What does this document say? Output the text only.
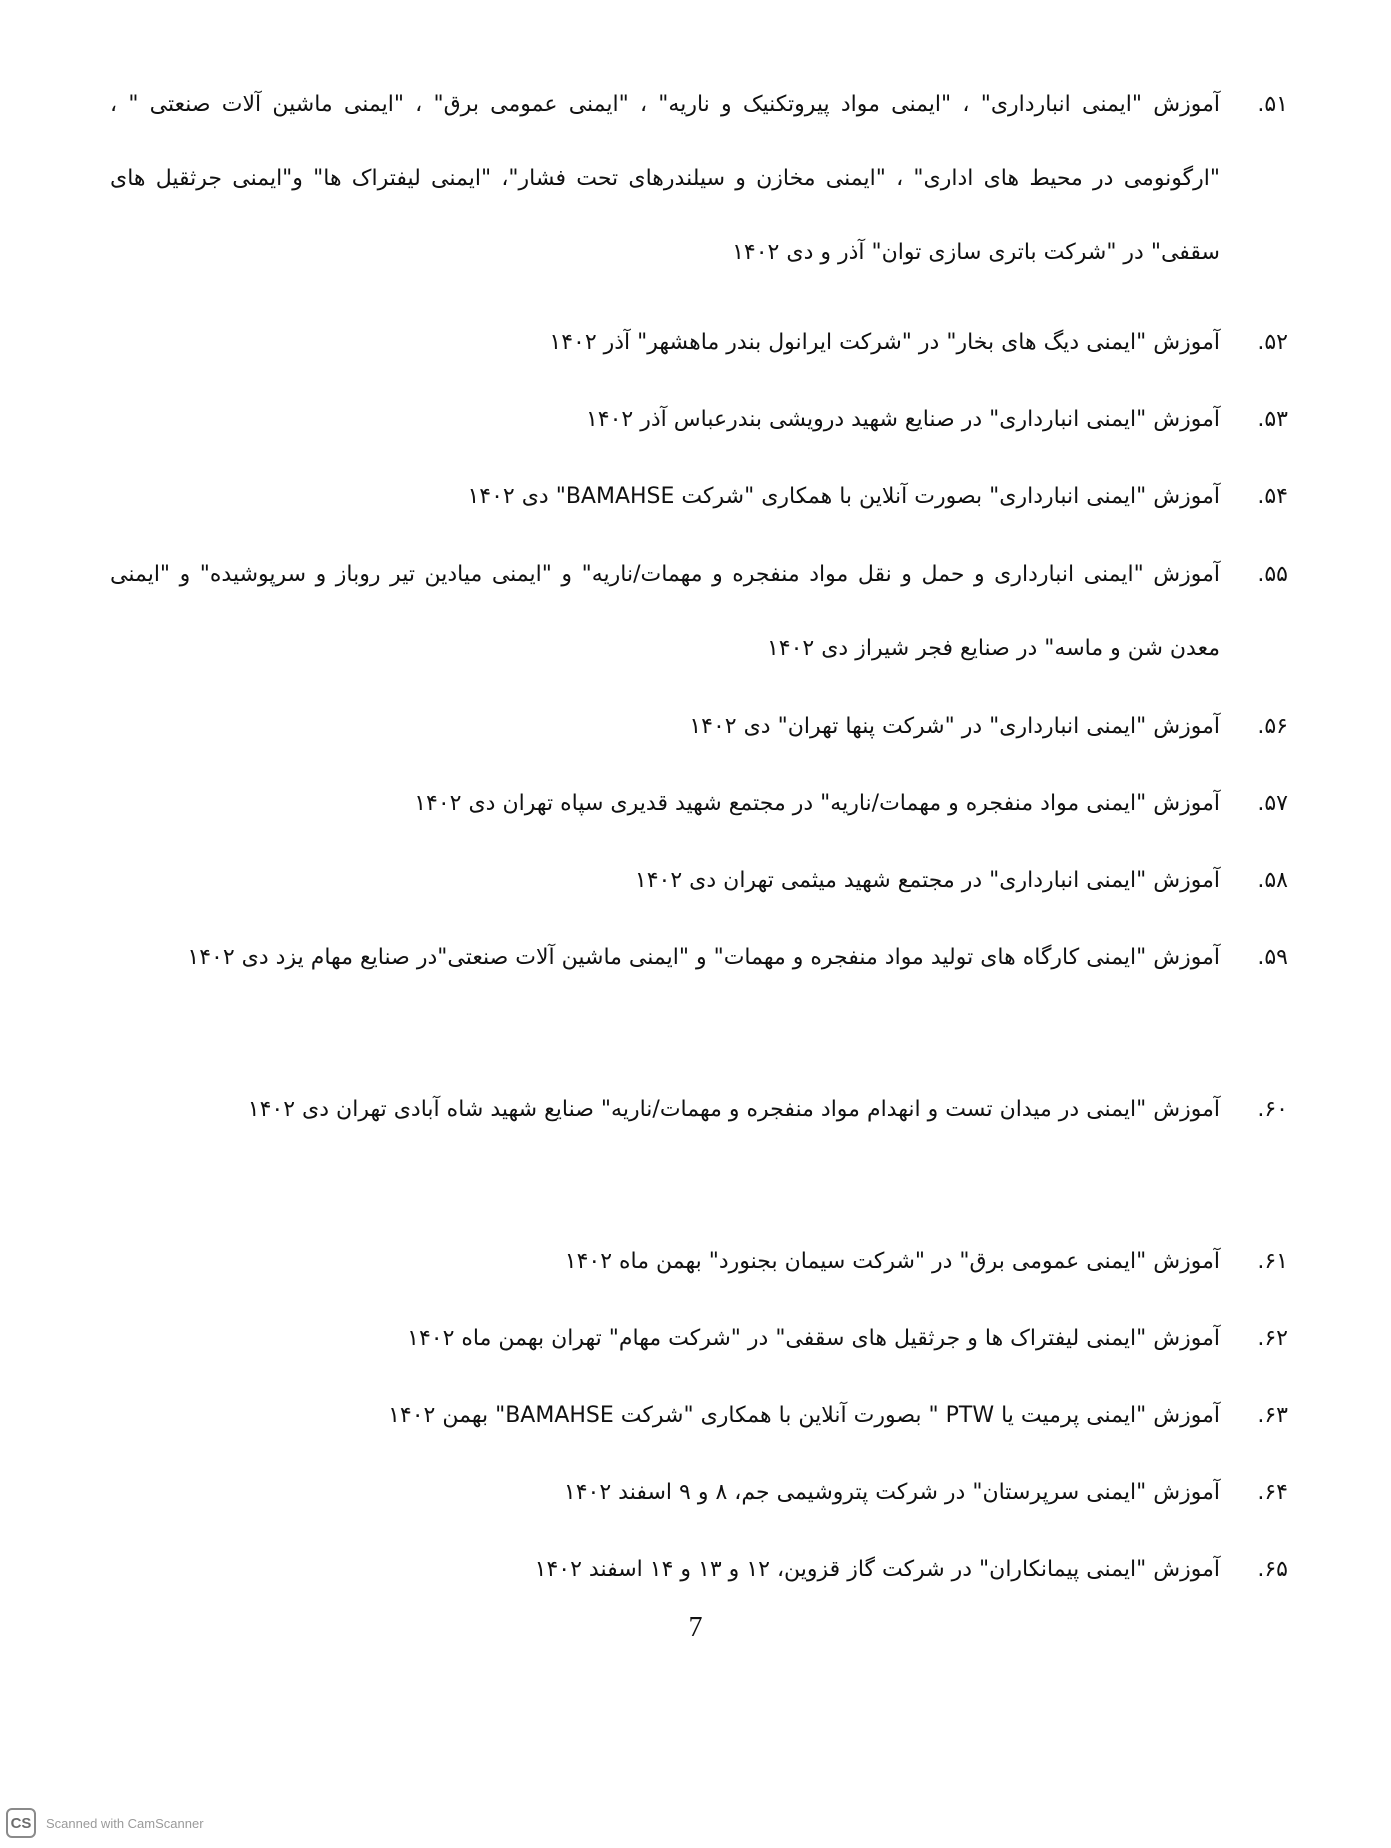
۵۱.
آموزش "ایمنی انبارداری" ، "ایمنی مواد پیروتکنیک و ناریه" ، "ایمنی عمومی برق" ، "ایمنی ماشین آلات صنعتی " ، "ارگونومی در محیط های اداری" ، "ایمنی مخازن و سیلندرهای تحت فشار"، "ایمنی لیفتراک ها" و"ایمنی جرثقیل های سقفی" در "شرکت باتری سازی توان" آذر و دی ۱۴۰۲
۵۲.
آموزش "ایمنی دیگ های بخار" در "شرکت ایرانول بندر ماهشهر" آذر ۱۴۰۲
۵۳.
آموزش "ایمنی انبارداری" در صنایع شهید درویشی بندرعباس آذر ۱۴۰۲
۵۴.
آموزش "ایمنی انبارداری" بصورت آنلاین با همکاری "شرکت BAMAHSE" دی ۱۴۰۲
۵۵.
آموزش "ایمنی انبارداری و حمل و نقل مواد منفجره و مهمات/ناریه" و "ایمنی میادین تیر روباز و سرپوشیده" و "ایمنی معدن شن و ماسه" در صنایع فجر شیراز دی ۱۴۰۲
۵۶.
آموزش "ایمنی انبارداری" در "شرکت پنها تهران" دی ۱۴۰۲
۵۷.
آموزش "ایمنی مواد منفجره و مهمات/ناریه" در مجتمع شهید قدیری سپاه تهران دی ۱۴۰۲
۵۸.
آموزش "ایمنی انبارداری" در مجتمع شهید میثمی تهران دی ۱۴۰۲
۵۹.
آموزش "ایمنی کارگاه های تولید مواد منفجره و مهمات" و "ایمنی ماشین آلات صنعتی"در صنایع مهام یزد دی ۱۴۰۲
۶۰.
آموزش "ایمنی در میدان تست و انهدام مواد منفجره و مهمات/ناریه" صنایع شهید شاه آبادی تهران دی ۱۴۰۲
۶۱.
آموزش "ایمنی عمومی برق" در "شرکت سیمان بجنورد" بهمن ماه ۱۴۰۲
۶۲.
آموزش "ایمنی لیفتراک ها و جرثقیل های سقفی" در "شرکت مهام" تهران بهمن ماه ۱۴۰۲
۶۳.
آموزش "ایمنی پرمیت یا PTW " بصورت آنلاین با همکاری "شرکت BAMAHSE" بهمن ۱۴۰۲
۶۴.
آموزش "ایمنی سرپرستان" در شرکت پتروشیمی جم، ۸ و ۹ اسفند ۱۴۰۲
۶۵.
آموزش "ایمنی پیمانکاران" در شرکت گاز قزوین، ۱۲ و ۱۳ و ۱۴ اسفند ۱۴۰۲
7
CS	Scanned with CamScanner
